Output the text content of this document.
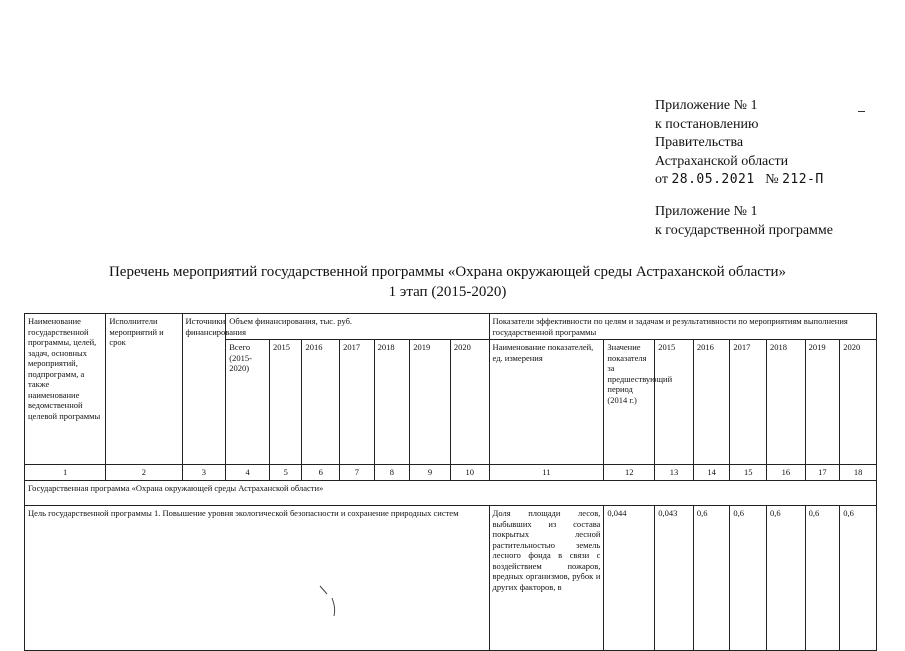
Приложение № 1
к постановлению
Правительства
Астраханской области
от 28.05.2021 № 212-П
Приложение № 1
к государственной программе
Перечень мероприятий государственной программы «Охрана окружающей среды Астраханской области»
1 этап (2015-2020)
Наименование государственной программы, целей, задач, основных мероприятий, подпрограмм, а также наименование ведомственной целевой программы	Исполнители мероприятий и срок	Источники финансирования	Объем финансирования, тыс. руб.							Показатели эффективности по целям и задачам и результативности по мероприятиям выполнения государственной программы							
			Всего (2015-2020)	2015	2016	2017	2018	2019	2020	Наименование показателей, ед. измерения	Значение показателя за предшествующий период (2014 г.)	2015	2016	2017	2018	2019	2020
1	2	3	4	5	6	7	8	9	10	11	12	13	14	15	16	17	18
Государственная программа «Охрана окружающей среды Астраханской области»																	
Цель государственной программы 1. Повышение уровня экологической безопасности и сохранение природных систем										Доля площади лесов, выбывших из состава покрытых лесной растительностью земель лесного фонда в связи с воздействием пожаров, вредных организмов, рубок и других факторов, в	0,044	0,043	0,6	0,6	0,6	0,6	0,6
